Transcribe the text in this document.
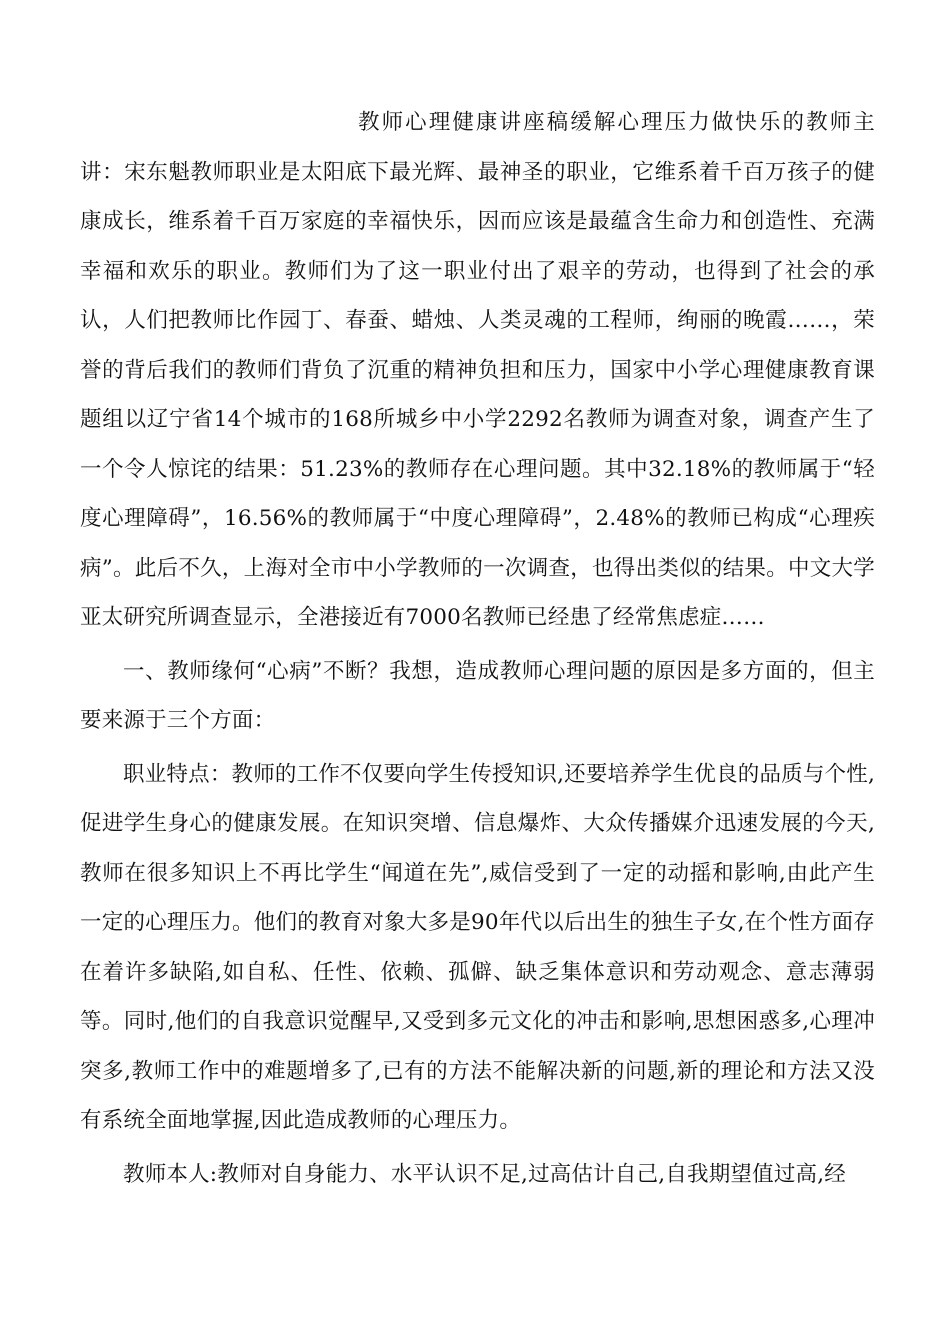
教师心理健康讲座稿缓解心理压力做快乐的教师主讲：宋东魁教师职业是太阳底下最光辉、最神圣的职业，它维系着千百万孩子的健康成长，维系着千百万家庭的幸福快乐，因而应该是最蕴含生命力和创造性、充满幸福和欢乐的职业。教师们为了这一职业付出了艰辛的劳动，也得到了社会的承认，人们把教师比作园丁、春蚕、蜡烛、人类灵魂的工程师，绚丽的晚霞……，荣誉的背后我们的教师们背负了沉重的精神负担和压力，国家中小学心理健康教育课题组以辽宁省14个城市的168所城乡中小学2292名教师为调查对象，调查产生了一个令人惊诧的结果：51.23%的教师存在心理问题。其中32.18%的教师属于“轻度心理障碍”，16.56%的教师属于“中度心理障碍”，2.48%的教师已构成“心理疾病”。此后不久，上海对全市中小学教师的一次调查，也得出类似的结果。中文大学亚太研究所调查显示，全港接近有7000名教师已经患了经常焦虑症……

一、教师缘何“心病”不断？我想，造成教师心理问题的原因是多方面的，但主要来源于三个方面：

职业特点：教师的工作不仅要向学生传授知识,还要培养学生优良的品质与个性,促进学生身心的健康发展。在知识突增、信息爆炸、大众传播媒介迅速发展的今天,教师在很多知识上不再比学生“闻道在先”,威信受到了一定的动摇和影响,由此产生一定的心理压力。他们的教育对象大多是90年代以后出生的独生子女,在个性方面存在着许多缺陷,如自私、任性、依赖、孤僻、缺乏集体意识和劳动观念、意志薄弱等。同时,他们的自我意识觉醒早,又受到多元文化的冲击和影响,思想困惑多,心理冲突多,教师工作中的难题增多了,已有的方法不能解决新的问题,新的理论和方法又没有系统全面地掌握,因此造成教师的心理压力。

教师本人:教师对自身能力、水平认识不足,过高估计自己,自我期望值过高,经
